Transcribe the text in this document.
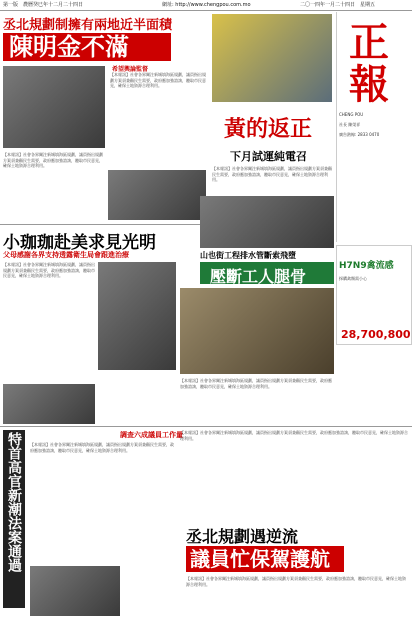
第一版　農曆癸巳年十二月二十四日	網址: http://www.chengpou.com.mo	二〇一四年一月二十四日　星期五
丞北規劃制擁有兩地近半面積
陳明金不滿
希望輿論監督
【本報訊】社會各界關注新城填海區規劃，議員指出規劃方案須兼顧民生需要，政府應加強諮詢，聽取市民意見，確保土地資源合理利用。
【本報訊】社會各界關注新城填海區規劃，議員指出規劃方案須兼顧民生需要，政府應加強諮詢，聽取市民意見，確保土地資源合理利用。
黃的返正
下月試運純電召
【本報訊】社會各界關注新城填海區規劃，議員指出規劃方案須兼顧民生需要，政府應加強諮詢，聽取市民意見，確保土地資源合理利用。
小珈珈赴美求見光明
父母感謝各界支持透露衛生局會跟進治療
【本報訊】社會各界關注新城填海區規劃，議員指出規劃方案須兼顧民生需要，政府應加強諮詢，聽取市民意見，確保土地資源合理利用。
山也街工程排水管斷索飛墮
壓斷工人腿骨
【本報訊】社會各界關注新城填海區規劃，議員指出規劃方案須兼顧民生需要，政府應加強諮詢，聽取市民意見，確保土地資源合理利用。
正報
CHENG POU
社長 陳榮祥
廣告熱線: 2833 0470
H7N9禽流感
採購禽類需小心
28,700,800
特首高官新潮法案通過	調查六成議員工作量
【本報訊】社會各界關注新城填海區規劃，議員指出規劃方案須兼顧民生需要，政府應加強諮詢，聽取市民意見，確保土地資源合理利用。
【本報訊】社會各界關注新城填海區規劃，議員指出規劃方案須兼顧民生需要，政府應加強諮詢，聽取市民意見，確保土地資源合理利用。
丞北規劃遇逆流
議員忙保駕護航
【本報訊】社會各界關注新城填海區規劃，議員指出規劃方案須兼顧民生需要，政府應加強諮詢，聽取市民意見，確保土地資源合理利用。
